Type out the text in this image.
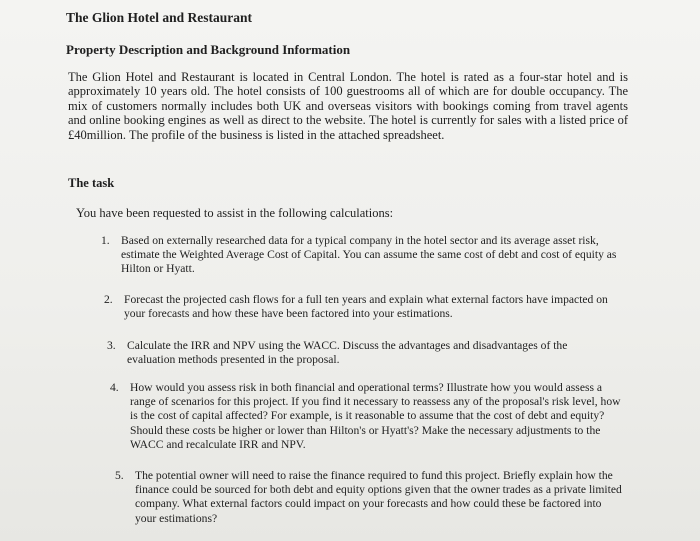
The Glion Hotel and Restaurant
Property Description and Background Information

The Glion Hotel and Restaurant is located in Central London. The hotel is rated as a four-star hotel and is approximately 10 years old. The hotel consists of 100 guestrooms all of which are for double occupancy. The mix of customers normally includes both UK and overseas visitors with bookings coming from travel agents and online booking engines as well as direct to the website. The hotel is currently for sales with a listed price of £40million. The profile of the business is listed in the attached spreadsheet.

The task

You have been requested to assist in the following calculations:

1. Based on externally researched data for a typical company in the hotel sector and its average asset risk, estimate the Weighted Average Cost of Capital. You can assume the same cost of debt and cost of equity as Hilton or Hyatt.
2. Forecast the projected cash flows for a full ten years and explain what external factors have impacted on your forecasts and how these have been factored into your estimations.
3. Calculate the IRR and NPV using the WACC. Discuss the advantages and disadvantages of the evaluation methods presented in the proposal.
4. How would you assess risk in both financial and operational terms? Illustrate how you would assess a range of scenarios for this project. If you find it necessary to reassess any of the proposal's risk level, how is the cost of capital affected? For example, is it reasonable to assume that the cost of debt and equity? Should these costs be higher or lower than Hilton's or Hyatt's? Make the necessary adjustments to the WACC and recalculate IRR and NPV.
5. The potential owner will need to raise the finance required to fund this project. Briefly explain how the finance could be sourced for both debt and equity options given that the owner trades as a private limited company. What external factors could impact on your forecasts and how could these be factored into your estimations?
